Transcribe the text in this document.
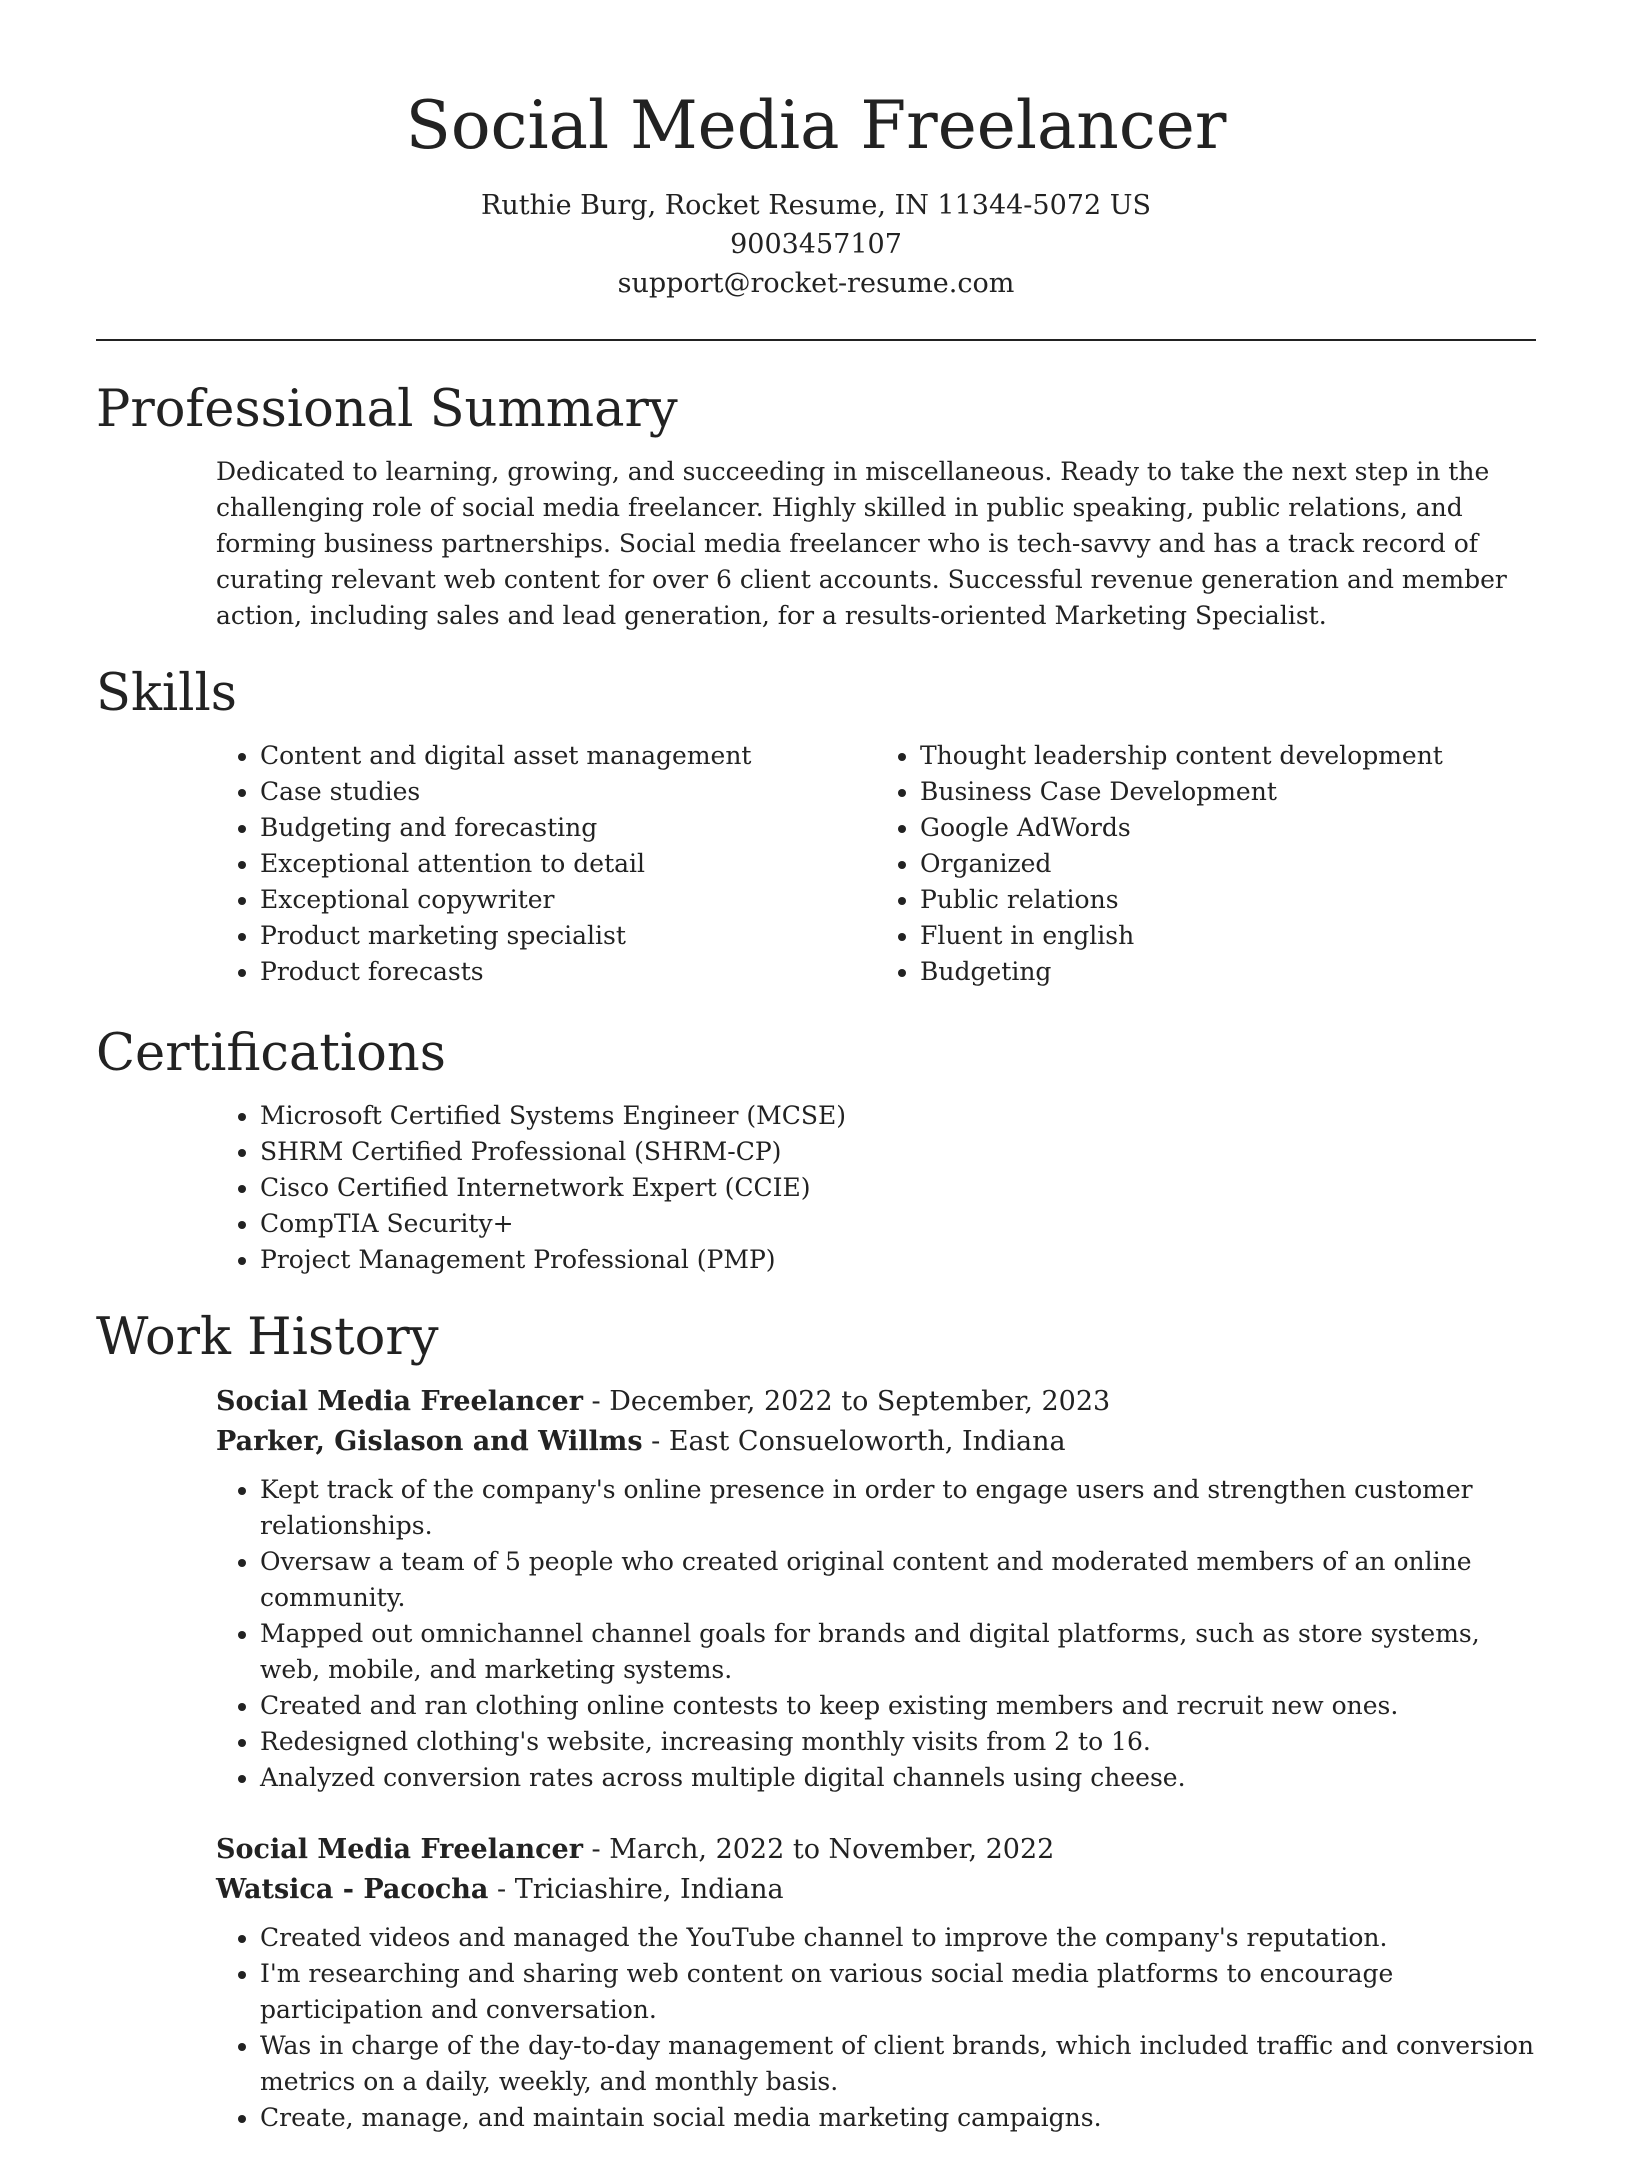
Social Media Freelancer
Ruthie Burg, Rocket Resume, IN 11344-5072 US
9003457107
support@rocket-resume.com
Professional Summary
Dedicated to learning, growing, and succeeding in miscellaneous. Ready to take the next step in the challenging role of social media freelancer. Highly skilled in public speaking, public relations, and forming business partnerships. Social media freelancer who is tech-savvy and has a track record of curating relevant web content for over 6 client accounts. Successful revenue generation and member action, including sales and lead generation, for a results-oriented Marketing Specialist.
Skills
• Content and digital asset management
• Case studies
• Budgeting and forecasting
• Exceptional attention to detail
• Exceptional copywriter
• Product marketing specialist
• Product forecasts
• Thought leadership content development
• Business Case Development
• Google AdWords
• Organized
• Public relations
• Fluent in english
• Budgeting
Certifications
• Microsoft Certified Systems Engineer (MCSE)
• SHRM Certified Professional (SHRM-CP)
• Cisco Certified Internetwork Expert (CCIE)
• CompTIA Security+
• Project Management Professional (PMP)
Work History
Social Media Freelancer - December, 2022 to September, 2023
Parker, Gislason and Willms - East Consueloworth, Indiana
• Kept track of the company's online presence in order to engage users and strengthen customer relationships.
• Oversaw a team of 5 people who created original content and moderated members of an online community.
• Mapped out omnichannel channel goals for brands and digital platforms, such as store systems, web, mobile, and marketing systems.
• Created and ran clothing online contests to keep existing members and recruit new ones.
• Redesigned clothing's website, increasing monthly visits from 2 to 16.
• Analyzed conversion rates across multiple digital channels using cheese.
Social Media Freelancer - March, 2022 to November, 2022
Watsica - Pacocha - Triciashire, Indiana
• Created videos and managed the YouTube channel to improve the company's reputation.
• I'm researching and sharing web content on various social media platforms to encourage participation and conversation.
• Was in charge of the day-to-day management of client brands, which included traffic and conversion metrics on a daily, weekly, and monthly basis.
• Create, manage, and maintain social media marketing campaigns.
